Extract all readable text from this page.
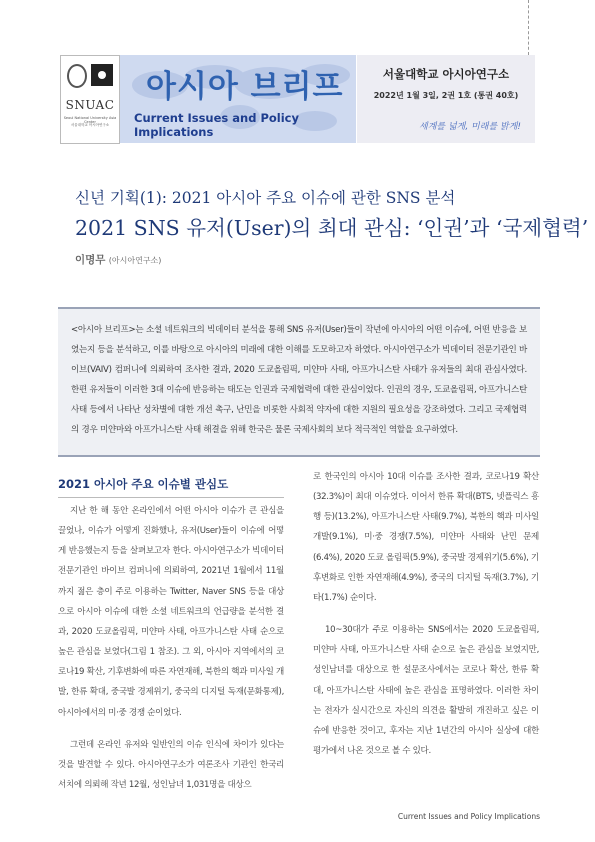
SNUAC
Seoul National University Asia Center
서울대학교 아시아연구소
아시아 브리프
Current Issues and Policy Implications
서울대학교 아시아연구소
2022년 1월 3일, 2권 1호 (통권 40호)
세계를 넓게, 미래를 밝게!
신년 기획(1): 2021 아시아 주요 이슈에 관한 SNS 분석
2021 SNS 유저(User)의 최대 관심: ‘인권’과 ‘국제협력’
이명무 (아시아연구소)

<아시아 브리프>는 소셜 네트워크의 빅데이터 분석을 통해 SNS 유저(User)들이 작년에 아시아의 어떤 이슈에, 어떤 반응을 보였는지 등을 분석하고, 이를 바탕으로 아시아의 미래에 대한 이해를 도모하고자 하였다. 아시아연구소가 빅데이터 전문기관인 바이브(VAIV) 컴퍼니에 의뢰하여 조사한 결과, 2020 도쿄올림픽, 미얀마 사태, 아프가니스탄 사태가 유저들의 최대 관심사였다. 한편 유저들이 이러한 3대 이슈에 반응하는 태도는 인권과 국제협력에 대한 관심이었다. 인권의 경우, 도쿄올림픽, 아프가니스탄 사태 등에서 나타난 성차별에 대한 개선 촉구, 난민을 비롯한 사회적 약자에 대한 지원의 필요성을 강조하였다. 그리고 국제협력의 경우 미얀마와 아프가니스탄 사태 해결을 위해 한국은 물론 국제사회의 보다 적극적인 역할을 요구하였다.

2021 아시아 주요 이슈별 관심도

지난 한 해 동안 온라인에서 어떤 아시아 이슈가 큰 관심을 끌었나, 이슈가 어떻게 진화했나, 유저(User)들이 이슈에 어떻게 반응했는지 등을 살펴보고자 한다. 아시아연구소가 빅데이터 전문기관인 바이브 컴퍼니에 의뢰하여, 2021년 1월에서 11월까지 젊은 층이 주로 이용하는 Twitter, Naver SNS 등을 대상으로 아시아 이슈에 대한 소셜 네트워크의 언급량을 분석한 결과, 2020 도쿄올림픽, 미얀마 사태, 아프가니스탄 사태 순으로 높은 관심을 보였다(그림 1 참조). 그 외, 아시아 지역에서의 코로나19 확산, 기후변화에 따른 자연재해, 북한의 핵과 미사일 개발, 한류 확대, 중국발 경제위기, 중국의 디지털 독재(문화통제), 아시아에서의 미·중 경쟁 순이었다.

그런데 온라인 유저와 일반인의 이슈 인식에 차이가 있다는 것을 발견할 수 있다. 아시아연구소가 여론조사 기관인 한국리서치에 의뢰해 작년 12월, 성인남녀 1,031명을 대상으

로 한국인의 아시아 10대 이슈를 조사한 결과, 코로나19 확산(32.3%)이 최대 이슈였다. 이어서 한류 확대(BTS, 넷플릭스 흥행 등)(13.2%), 아프가니스탄 사태(9.7%), 북한의 핵과 미사일 개발(9.1%), 미·중 경쟁(7.5%), 미얀마 사태와 난민 문제(6.4%), 2020 도쿄 올림픽(5.9%), 중국발 경제위기(5.6%), 기후변화로 인한 자연재해(4.9%), 중국의 디지털 독재(3.7%), 기타(1.7%) 순이다.

10~30대가 주로 이용하는 SNS에서는 2020 도쿄올림픽, 미얀마 사태, 아프가니스탄 사태 순으로 높은 관심을 보였지만, 성인남녀를 대상으로 한 설문조사에서는 코로나 확산, 한류 확대, 아프가니스탄 사태에 높은 관심을 표명하였다. 이러한 차이는 전자가 실시간으로 자신의 의견을 활발히 개진하고 싶은 이슈에 반응한 것이고, 후자는 지난 1년간의 아시아 실상에 대한 평가에서 나온 것으로 볼 수 있다.

Current Issues and Policy Implications
